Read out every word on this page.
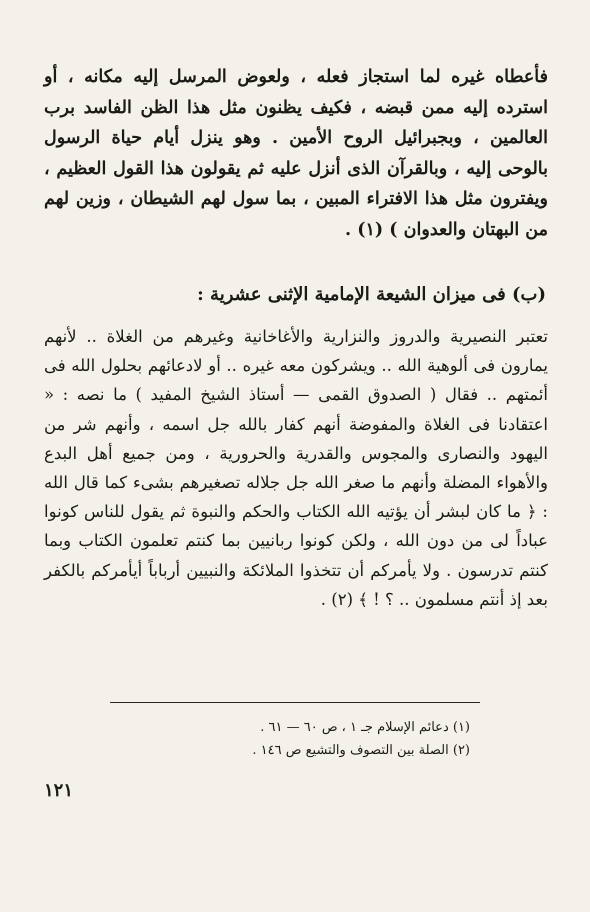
فأعطاه غيره لما استجاز فعله ، ولعوض المرسل إليه مكانه ، أو استرده إليه ممن قبضه ، فكيف يظنون مثل هذا الظن الفاسد برب العالمين ، وبجبرائيل الروح الأمين . وهو ينزل أيام حياة الرسول بالوحى إليه ، وبالقرآن الذى أنزل عليه ثم يقولون هذا القول العظيم ، ويفترون مثل هذا الافتراء المبين ، بما سول لهم الشيطان ، وزين لهم من البهتان والعدوان ) (١) .

(ب) فى ميزان الشيعة الإمامية الإثنى عشرية :

تعتبر النصيرية والدروز والنزارية والأغاخانية وغيرهم من الغلاة .. لأنهم يمارون فى ألوهية الله .. ويشركون معه غيره .. أو لادعائهم بحلول الله فى أئمتهم .. فقال ( الصدوق القمى — أستاذ الشيخ المفيد ) ما نصه : « اعتقادنا فى الغلاة والمفوضة أنهم كفار بالله جل اسمه ، وأنهم شر من اليهود والنصارى والمجوس والقدرية والحرورية ، ومن جميع أهل البدع والأهواء المضلة وأنهم ما صغر الله جل جلاله تصغيرهم بشىء كما قال الله : ﴿ ما كان لبشر أن يؤتيه الله الكتاب والحكم والنبوة ثم يقول للناس كونوا عباداً لى من دون الله ، ولكن كونوا ربانيين بما كنتم تعلمون الكتاب وبما كنتم تدرسون . ولا يأمركم أن تتخذوا الملائكة والنبيين أرباباً أيأمركم بالكفر بعد إذ أنتم مسلمون .. ؟ ! ﴾ (٢) .

(١) دعائم الإسلام جـ ١ ، ص ٦٠ — ٦١ .
(٢) الصلة بين التصوف والتشيع ص ١٤٦ .
١٢١
